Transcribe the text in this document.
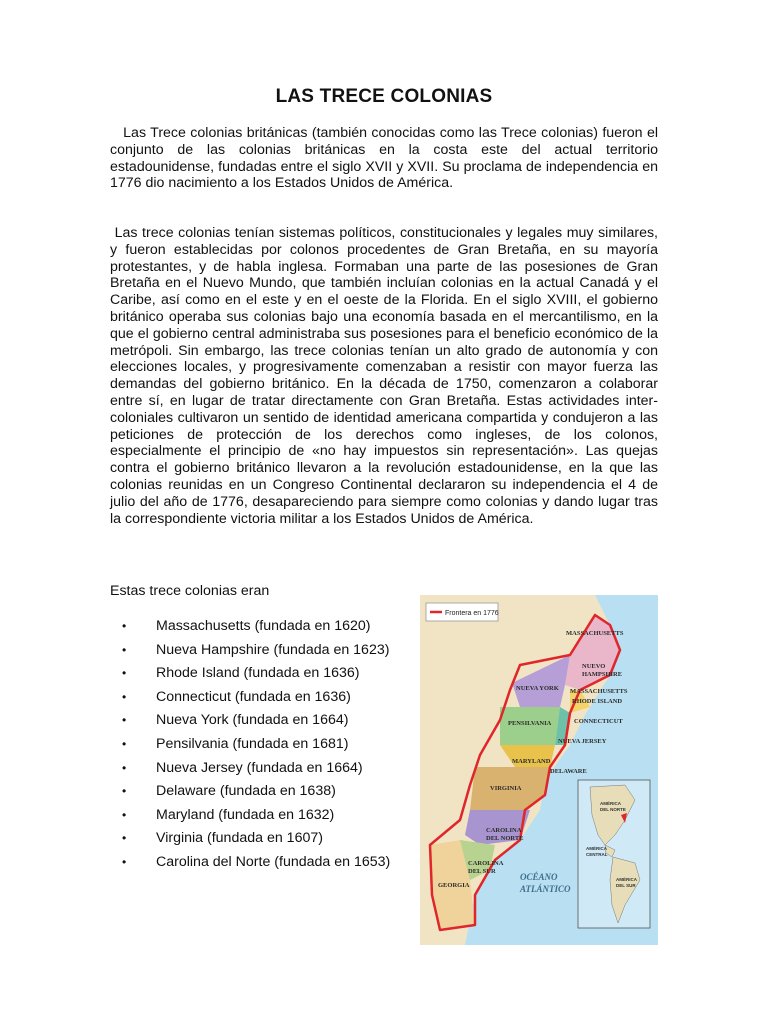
LAS TRECE COLONIAS

Las Trece colonias británicas (también conocidas como las Trece colonias) fueron el conjunto de las colonias británicas en la costa este del actual territorio estadounidense, fundadas entre el siglo XVII y XVII. Su proclama de independencia en 1776 dio nacimiento a los Estados Unidos de América.

Las trece colonias tenían sistemas políticos, constitucionales y legales muy similares, y fueron establecidas por colonos procedentes de Gran Bretaña, en su mayoría protestantes, y de habla inglesa. Formaban una parte de las posesiones de Gran Bretaña en el Nuevo Mundo, que también incluían colonias en la actual Canadá y el Caribe, así como en el este y en el oeste de la Florida. En el siglo XVIII, el gobierno británico operaba sus colonias bajo una economía basada en el mercantilismo, en la que el gobierno central administraba sus posesiones para el beneficio económico de la metrópoli. Sin embargo, las trece colonias tenían un alto grado de autonomía y con elecciones locales, y progresivamente comenzaban a resistir con mayor fuerza las demandas del gobierno británico. En la década de 1750, comenzaron a colaborar entre sí, en lugar de tratar directamente con Gran Bretaña. Estas actividades inter-coloniales cultivaron un sentido de identidad americana compartida y condujeron a las peticiones de protección de los derechos como ingleses, de los colonos, especialmente el principio de «no hay impuestos sin representación». Las quejas contra el gobierno británico llevaron a la revolución estadounidense, en la que las colonias reunidas en un Congreso Continental declararon su independencia el 4 de julio del año de 1776, desapareciendo para siempre como colonias y dando lugar tras la correspondiente victoria militar a los Estados Unidos de América.

Estas trece colonias eran
• Massachusetts (fundada en 1620)
• Nueva Hampshire (fundada en 1623)
• Rhode Island (fundada en 1636)
• Connecticut (fundada en 1636)
• Nueva York (fundada en 1664)
• Pensilvania (fundada en 1681)
• Nueva Jersey (fundada en 1664)
• Delaware (fundada en 1638)
• Maryland (fundada en 1632)
• Virginia (fundada en 1607)
• Carolina del Norte (fundada en 1653)
Frontera en 1776
MASSACHUSETTS
NUEVO
HAMPSHIRE
MASSACHUSETTS
RHODE ISLAND
NUEVA YORK
CONNECTICUT
PENSILVANIA
NUEVA JERSEY
MARYLAND
DELAWARE
VIRGINIA
CAROLINA
DEL NORTE
CAROLINA
DEL SUR
GEORGIA
OCÉANO
ATLÁNTICO
AMÉRICA
DEL NORTE
AMÉRICA
CENTRAL
AMÉRICA
DEL SUR
